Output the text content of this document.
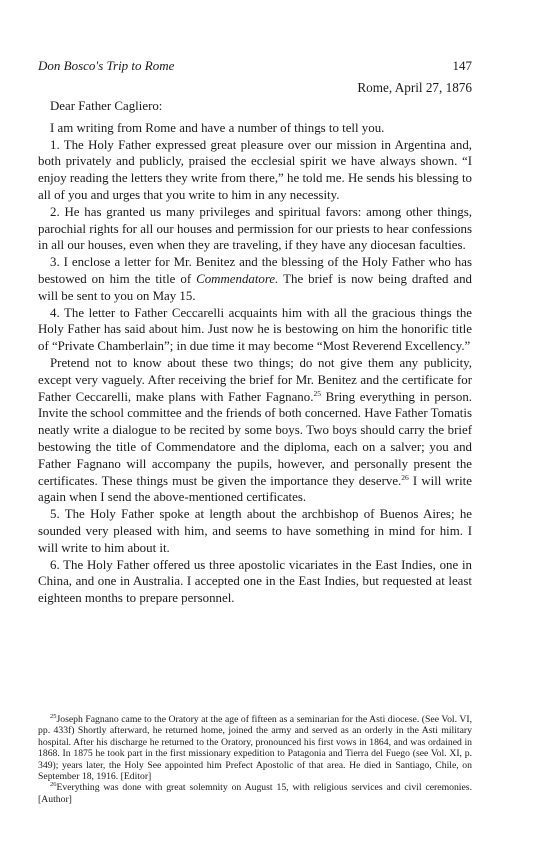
Don Bosco's Trip to Rome	147
Rome, April 27, 1876

Dear Father Cagliero:

I am writing from Rome and have a number of things to tell you.

1. The Holy Father expressed great pleasure over our mission in Argentina and, both privately and publicly, praised the ecclesial spirit we have always shown. “I enjoy reading the letters they write from there,” he told me. He sends his blessing to all of you and urges that you write to him in any necessity.

2. He has granted us many privileges and spiritual favors: among other things, parochial rights for all our houses and permission for our priests to hear confessions in all our houses, even when they are traveling, if they have any diocesan faculties.

3. I enclose a letter for Mr. Benitez and the blessing of the Holy Father who has bestowed on him the title of Commendatore. The brief is now being drafted and will be sent to you on May 15.

4. The letter to Father Ceccarelli acquaints him with all the gracious things the Holy Father has said about him. Just now he is bestowing on him the honorific title of “Private Chamberlain”; in due time it may become “Most Reverend Excellency.”

Pretend not to know about these two things; do not give them any publicity, except very vaguely. After receiving the brief for Mr. Benitez and the certificate for Father Ceccarelli, make plans with Father Fagnano.$^{25}$ Bring everything in person. Invite the school committee and the friends of both concerned. Have Father Tomatis neatly write a dialogue to be recited by some boys. Two boys should carry the brief bestowing the title of Commendatore and the diploma, each on a salver; you and Father Fagnano will accompany the pupils, however, and personally present the certificates. These things must be given the importance they deserve.$^{26}$ I will write again when I send the above-mentioned certificates.

5. The Holy Father spoke at length about the archbishop of Buenos Aires; he sounded very pleased with him, and seems to have something in mind for him. I will write to him about it.

6. The Holy Father offered us three apostolic vicariates in the East Indies, one in China, and one in Australia. I accepted one in the East Indies, but requested at least eighteen months to prepare personnel.

$^{25}$Joseph Fagnano came to the Oratory at the age of fifteen as a seminarian for the Asti diocese. (See Vol. VI, pp. 433f) Shortly afterward, he returned home, joined the army and served as an orderly in the Asti military hospital. After his discharge he returned to the Oratory, pronounced his first vows in 1864, and was ordained in 1868. In 1875 he took part in the first missionary expedition to Patagonia and Tierra del Fuego (see Vol. XI, p. 349); years later, the Holy See appointed him Prefect Apostolic of that area. He died in Santiago, Chile, on September 18, 1916. [Editor]

$^{26}$Everything was done with great solemnity on August 15, with religious services and civil ceremonies. [Author]
